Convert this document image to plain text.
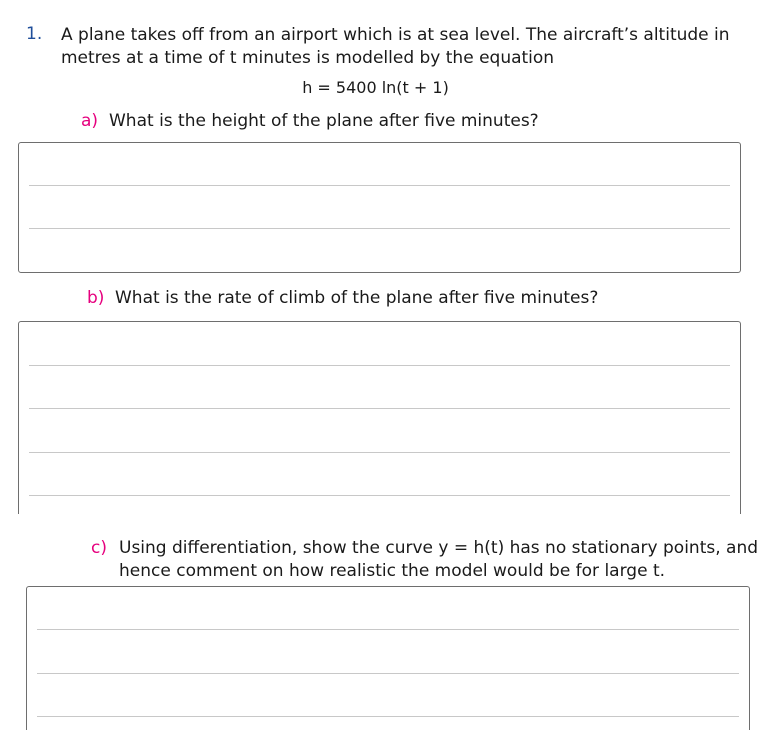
1. A plane takes off from an airport which is at sea level. The aircraft’s altitude in
metres at a time of t minutes is modelled by the equation
h = 5400 ln(t + 1)
a) What is the height of the plane after five minutes?
b) What is the rate of climb of the plane after five minutes?
c) Using differentiation, show the curve y = h(t) has no stationary points, and
hence comment on how realistic the model would be for large t.
